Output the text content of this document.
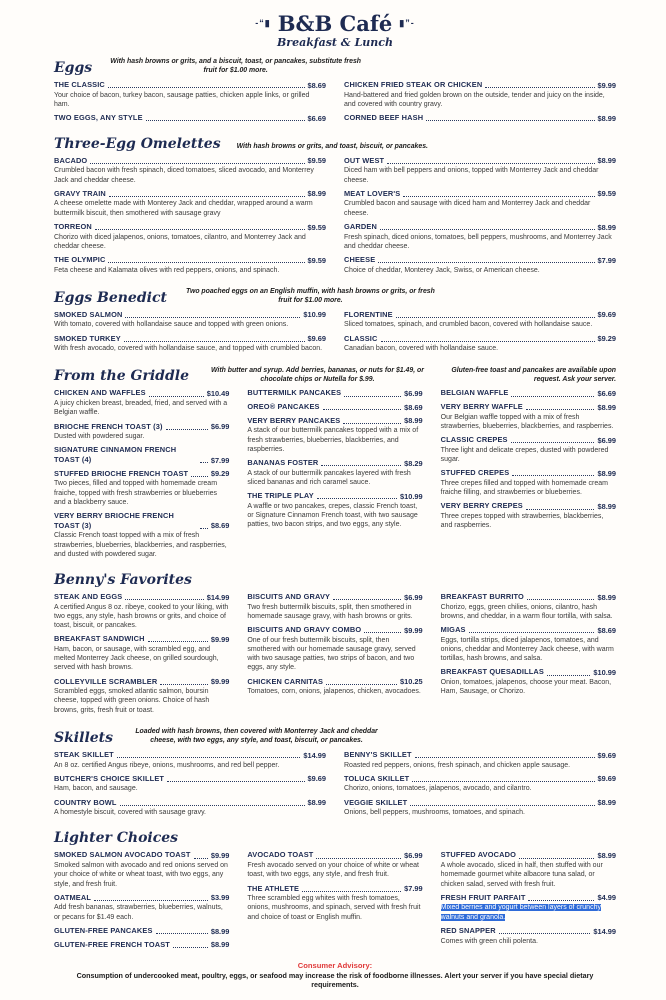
-“▮ B&B Café ▮”-

Breakfast & Lunch

Eggs	With hash browns or grits, and a biscuit, toast, or pancakes, substitute fresh fruit for $1.00 more.

THE CLASSIC	$8.69

Your choice of bacon, turkey bacon, sausage patties, chicken apple links, or grilled ham.

TWO EGGS, ANY STYLE	$6.69
CHICKEN FRIED STEAK OR CHICKEN	$9.99

Hand-battered and fried golden brown on the outside, tender and juicy on the inside, and covered with country gravy.

CORNED BEEF HASH	$8.99
Three-Egg Omelettes With hash browns or grits, and toast, biscuit, or pancakes.

BACADO	$9.59

Crumbled bacon with fresh spinach, diced tomatoes, sliced avocado, and Monterrey Jack and cheddar cheese.

GRAVY TRAIN	$8.99

A cheese omelette made with Monterey Jack and cheddar, wrapped around a warm buttermilk biscuit, then smothered with sausage gravy

TORREON	$9.59

Chorizo with diced jalapenos, onions, tomatoes, cilantro, and Monterrey Jack and cheddar cheese.

THE OLYMPIC	$9.59

Feta cheese and Kalamata olives with red peppers, onions, and spinach.

OUT WEST	$8.99

Diced ham with bell peppers and onions, topped with Monterrey Jack and cheddar cheese.

MEAT LOVER'S	$9.59

Crumbled bacon and sausage with diced ham and Monterrey Jack and cheddar cheese.

GARDEN	$8.99

Fresh spinach, diced onions, tomatoes, bell peppers, mushrooms, and Monterrey Jack and cheddar cheese.

CHEESE	$7.99

Choice of cheddar, Monterey Jack, Swiss, or American cheese.

Eggs Benedict	Two poached eggs on an English muffin, with hash browns or grits, or fresh fruit for $1.00 more.

SMOKED SALMON	$10.99

With tomato, covered with hollandaise sauce and topped with green onions.

SMOKED TURKEY	$9.69

With fresh avocado, covered with hollandaise sauce, and topped with crumbled bacon.

FLORENTINE	$9.69

Sliced tomatoes, spinach, and crumbled bacon, covered with hollandaise sauce.

CLASSIC	$9.29

Canadian bacon, covered with hollandaise sauce.

From the Griddle	With butter and syrup. Add berries, bananas, or nuts for $1.49, or chocolate chips or Nutella for $.99.

Gluten-free toast and pancakes are available upon request. Ask your server.

CHICKEN AND WAFFLES	$10.49

A juicy chicken breast, breaded, fried, and served with a Belgian waffle.

BRIOCHE FRENCH TOAST (3)	$6.99

Dusted with powdered sugar.

SIGNATURE CINNAMON FRENCH TOAST (4)	$7.99
STUFFED BRIOCHE FRENCH TOAST	$9.29

Two pieces, filled and topped with homemade cream fraiche, topped with fresh strawberries or blueberries and a blackberry sauce.

VERY BERRY BRIOCHE FRENCH TOAST (3)	$8.69

Classic French toast topped with a mix of fresh strawberries, blueberries, blackberries, and raspberries, and dusted with powdered sugar.

BUTTERMILK PANCAKES	$6.99
OREO® PANCAKES	$8.69
VERY BERRY PANCAKES	$8.99

A stack of our buttermilk pancakes topped with a mix of fresh strawberries, blueberries, blackberries, and raspberries.

BANANAS FOSTER	$8.29

A stack of our buttermilk pancakes layered with fresh sliced bananas and rich caramel sauce.

THE TRIPLE PLAY	$10.99

A waffle or two pancakes, crepes, classic French toast, or Signature Cinnamon French toast, with two sausage patties, two bacon strips, and two eggs, any style.

BELGIAN WAFFLE	$6.69
VERY BERRY WAFFLE	$8.99

Our Belgian waffle topped with a mix of fresh strawberries, blueberries, blackberries, and raspberries.

CLASSIC CREPES	$6.99

Three light and delicate crepes, dusted with powdered sugar.

STUFFED CREPES	$8.99

Three crepes filled and topped with homemade cream fraiche filling, and strawberries or blueberries.

VERY BERRY CREPES	$8.99

Three crepes topped with strawberries, blackberries, and raspberries.

Benny's Favorites
STEAK AND EGGS	$14.99

A certified Angus 8 oz. ribeye, cooked to your liking, with two eggs, any style, hash browns or grits, and choice of toast, biscuit, or pancakes.

BREAKFAST SANDWICH	$9.99

Ham, bacon, or sausage, with scrambled egg, and melted Monterrey Jack cheese, on grilled sourdough, served with hash browns.

COLLEYVILLE SCRAMBLER	$9.99

Scrambled eggs, smoked atlantic salmon, boursin cheese, topped with green onions. Choice of hash browns, grits, fresh fruit or toast.

BISCUITS AND GRAVY	$6.99

Two fresh buttermilk biscuits, split, then smothered in homemade sausage gravy, with hash browns or grits.

BISCUITS AND GRAVY COMBO	$9.99

One of our fresh buttermilk biscuits, split, then smothered with our homemade sausage gravy, served with two sausage patties, two strips of bacon, and two eggs, any style.

CHICKEN CARNITAS	$10.25

Tomatoes, corn, onions, jalapenos, chicken, avocadoes.

BREAKFAST BURRITO	$8.99

Chorizo, eggs, green chilies, onions, cilantro, hash browns, and cheddar, in a warm flour tortilla, with salsa.

MIGAS	$8.69

Eggs, tortilla strips, diced jalapenos, tomatoes, and onions, cheddar and Monterrey Jack cheese, with warm tortillas, hash browns, and salsa.

BREAKFAST QUESADILLAS	$10.99

Onion, tomatoes, jalapenos, choose your meat. Bacon, Ham, Sausage, or Chorizo.

Skillets	Loaded with hash browns, then covered with Monterrey Jack and cheddar cheese, with two eggs, any style, and toast, biscuit, or pancakes.

STEAK SKILLET	$14.99

An 8 oz. certified Angus ribeye, onions, mushrooms, and red bell pepper.

BUTCHER'S CHOICE SKILLET	$9.69

Ham, bacon, and sausage.

COUNTRY BOWL	$8.99

A homestyle biscuit, covered with sausage gravy.

BENNY'S SKILLET	$9.69

Roasted red peppers, onions, fresh spinach, and chicken apple sausage.

TOLUCA SKILLET	$9.69

Chorizo, onions, tomatoes, jalapenos, avocado, and cilantro.

VEGGIE SKILLET	$8.99

Onions, bell peppers, mushrooms, tomatoes, and spinach.

Lighter Choices
SMOKED SALMON AVOCADO TOAST	$9.99

Smoked salmon with avocado and red onions served on your choice of white or wheat toast, with two eggs, any style, and fresh fruit.

OATMEAL	$3.99

Add fresh bananas, strawberries, blueberries, walnuts, or pecans for $1.49 each.

GLUTEN-FREE PANCAKES	$8.99
GLUTEN-FREE FRENCH TOAST	$8.99
AVOCADO TOAST	$6.99

Fresh avocado served on your choice of white or wheat toast, with two eggs, any style, and fresh fruit.

THE ATHLETE	$7.99

Three scrambled egg whites with fresh tomatoes, onions, mushrooms, and spinach, served with fresh fruit and choice of toast or English muffin.

STUFFED AVOCADO	$8.99

A whole avocado, sliced in half, then stuffed with our homemade gourmet white albacore tuna salad, or chicken salad, served with fresh fruit.

FRESH FRUIT PARFAIT	$4.99

Mixed berries and yogurt between layers of crunchy walnuts and granola.

RED SNAPPER	$14.99

Comes with green chili polenta.

Consumer Advisory:
Consumption of undercooked meat, poultry, eggs, or seafood may increase the risk of foodborne illnesses. Alert your server if you have special dietary requirements.
